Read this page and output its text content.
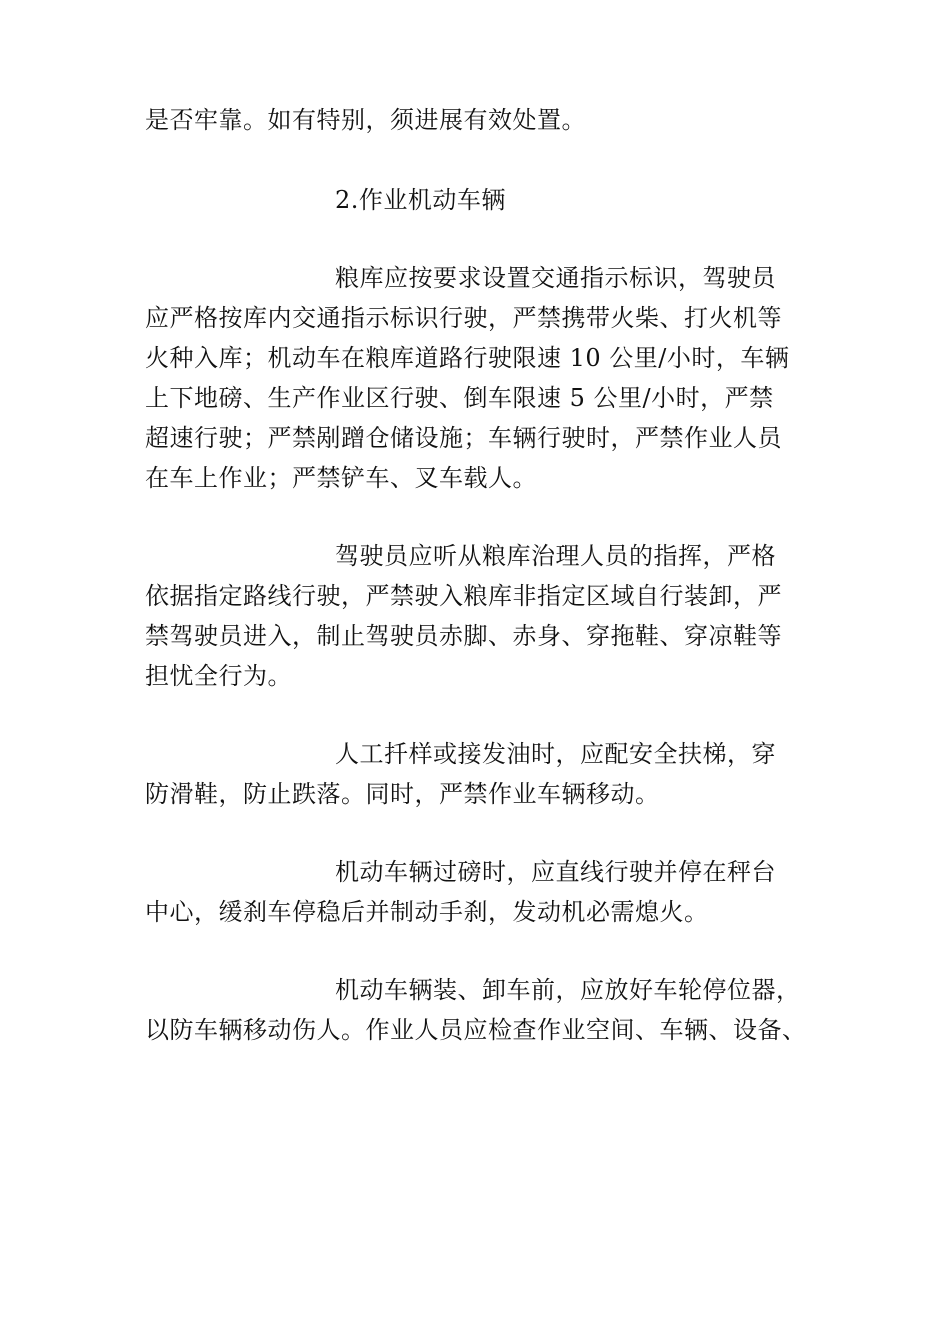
是否牢靠。如有特别，须进展有效处置。
2.作业机动车辆
粮库应按要求设置交通指示标识，驾驶员
应严格按库内交通指示标识行驶，严禁携带火柴、打火机等
火种入库；机动车在粮库道路行驶限速 10 公里/小时，车辆
上下地磅、生产作业区行驶、倒车限速 5 公里/小时，严禁
超速行驶；严禁剐蹭仓储设施；车辆行驶时，严禁作业人员
在车上作业；严禁铲车、叉车载人。
驾驶员应听从粮库治理人员的指挥，严格
依据指定路线行驶，严禁驶入粮库非指定区域自行装卸，严
禁驾驶员进入，制止驾驶员赤脚、赤身、穿拖鞋、穿凉鞋等
担忧全行为。
人工扦样或接发油时，应配安全扶梯，穿
防滑鞋，防止跌落。同时，严禁作业车辆移动。
机动车辆过磅时，应直线行驶并停在秤台
中心，缓刹车停稳后并制动手刹，发动机必需熄火。
机动车辆装、卸车前，应放好车轮停位器，
以防车辆移动伤人。作业人员应检查作业空间、车辆、设备、
